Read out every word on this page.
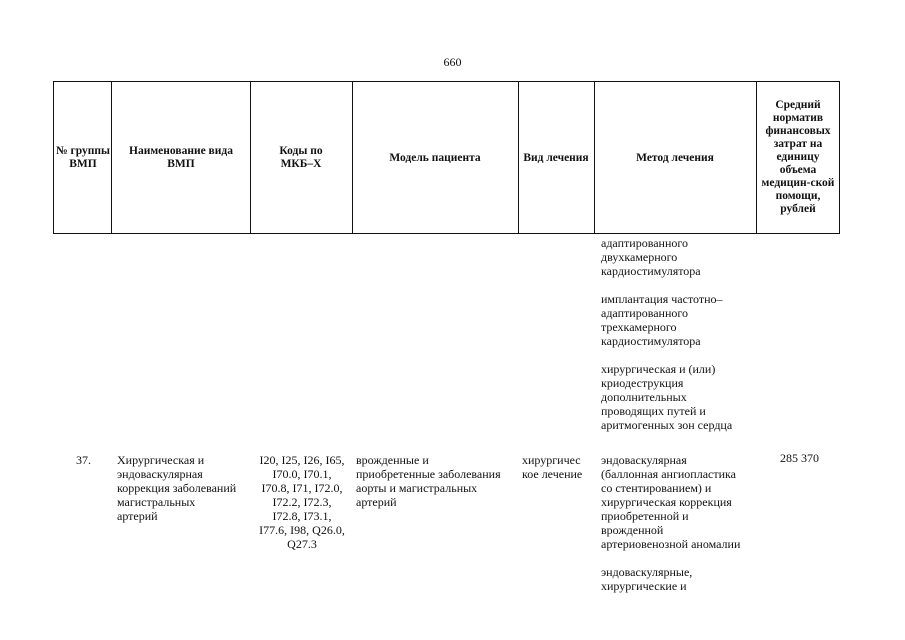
660
№ группы ВМП
Наименование вида ВМП
Коды по МКБ–X
Модель пациента	Вид лечения	Метод лечения
Средний норматив финансовых затрат на единицу объема медицин-ской помощи, рублей
адаптированного
двухкамерного
кардиостимулятора
имплантация частотно–
адаптированного
трехкамерного
кардиостимулятора
хирургическая и (или)
криодеструкция
дополнительных
проводящих путей и
аритмогенных зон сердца
37. Хирургическая и
эндоваскулярная
коррекция заболеваний
магистральных
артерий
I20, I25, I26, I65,
I70.0, I70.1,
I70.8, I71, I72.0,
I72.2, I72.3,
I72.8, I73.1,
I77.6, I98, Q26.0,
Q27.3
врожденные и
приобретенные заболевания
аорты и магистральных
артерий
хирургичес
кое лечение
эндоваскулярная
(баллонная ангиопластика
со стентированием) и
хирургическая коррекция
приобретенной и
врожденной
артериовенозной аномалии
эндоваскулярные,
хирургические и
285 370
